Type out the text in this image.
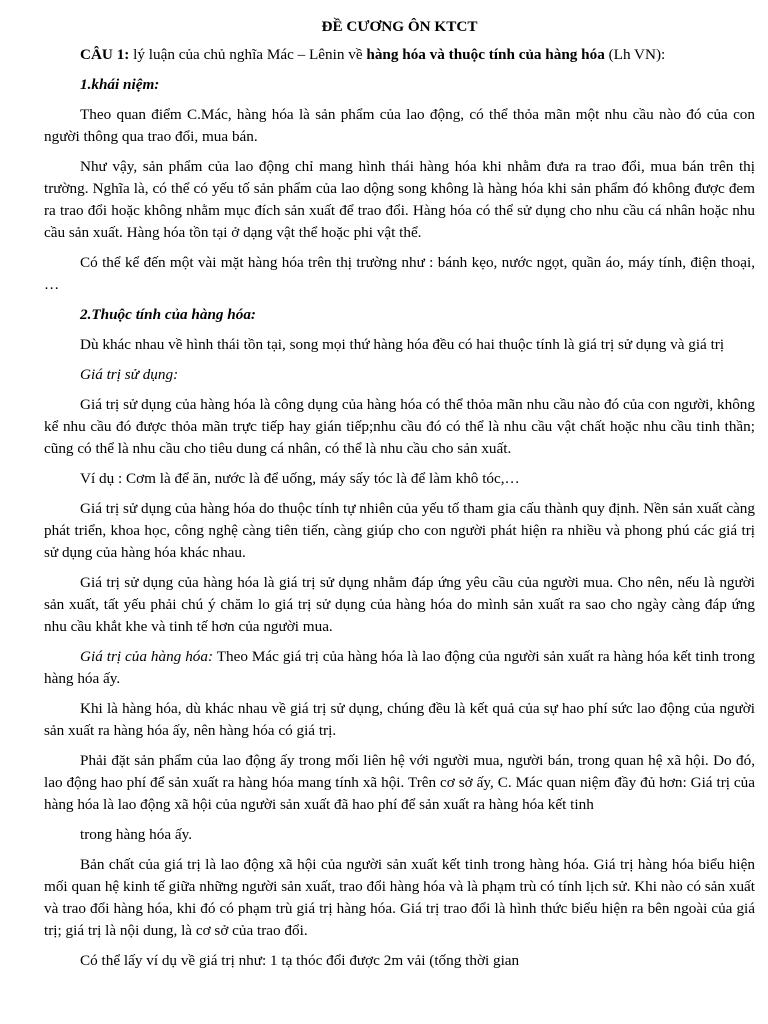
ĐỀ CƯƠNG ÔN KTCT

CÂU 1: lý luận của chủ nghĩa Mác – Lênin về hàng hóa và thuộc tính của hàng hóa (Lh VN):

1.khái niệm:

Theo quan điểm C.Mác, hàng hóa là sản phẩm của lao động, có thể thỏa mãn một nhu cầu nào đó của con người thông qua trao đổi, mua bán.

Như vậy, sản phẩm của lao động chỉ mang hình thái hàng hóa khi nhằm đưa ra trao đổi, mua bán trên thị trường. Nghĩa là, có thể có yếu tố sản phẩm của lao dộng song không là hàng hóa khi sản phẩm đó không được đem ra trao đổi hoặc không nhằm mục đích sản xuất để trao đổi. Hàng hóa có thể sử dụng cho nhu cầu cá nhân hoặc nhu cầu sản xuất. Hàng hóa tồn tại ở dạng vật thể hoặc phi vật thể.

Có thể kể đến một vài mặt hàng hóa trên thị trường như : bánh kẹo, nước ngọt, quần áo, máy tính, điện thoại, …

2.Thuộc tính của hàng hóa:

Dù khác nhau về hình thái tồn tại, song mọi thứ hàng hóa đều có hai thuộc tính là giá trị sử dụng và giá trị

Giá trị sử dụng:

Giá trị sử dụng của hàng hóa là công dụng của hàng hóa có thể thỏa mãn nhu cầu nào đó của con người, không kể nhu cầu đó được thỏa mãn trực tiếp hay gián tiếp;nhu cầu đó có thể là nhu cầu vật chất hoặc nhu cầu tinh thần; cũng có thể là nhu cầu cho tiêu dung cá nhân, có thể là nhu cầu cho sản xuất.

Ví dụ : Cơm là để ăn, nước là để uống, máy sấy tóc là để làm khô tóc,…

Giá trị sử dụng của hàng hóa do thuộc tính tự nhiên của yếu tố tham gia cấu thành quy định. Nền sản xuất càng phát triển, khoa học, công nghệ càng tiên tiến, càng giúp cho con người phát hiện ra nhiều và phong phú các giá trị sử dụng của hàng hóa khác nhau.

Giá trị sử dụng của hàng hóa là giá trị sử dụng nhằm đáp ứng yêu cầu của người mua. Cho nên, nếu là người sản xuất, tất yếu phải chú ý chăm lo giá trị sử dụng của hàng hóa do mình sản xuất ra sao cho ngày càng đáp ứng nhu cầu khắt khe và tinh tế hơn của người mua.

Giá trị của hàng hóa: Theo Mác giá trị của hàng hóa là lao động của người sản xuất ra hàng hóa kết tinh trong hàng hóa ấy.

Khi là hàng hóa, dù khác nhau về giá trị sử dụng, chúng đều là kết quả của sự hao phí sức lao động của người sản xuất ra hàng hóa ấy, nên hàng hóa có giá trị.

Phải đặt sản phẩm của lao động ấy trong mối liên hệ với người mua, người bán, trong quan hệ xã hội. Do đó, lao động hao phí để sản xuất ra hàng hóa mang tính xã hội. Trên cơ sở ấy, C. Mác quan niệm đầy đủ hơn: Giá trị của hàng hóa là lao động xã hội của người sản xuất đã hao phí để sản xuất ra hàng hóa kết tinh

trong hàng hóa ấy.

Bản chất của giá trị là lao động xã hội của người sản xuất kết tinh trong hàng hóa. Giá trị hàng hóa biểu hiện mối quan hệ kinh tế giữa những người sản xuất, trao đổi hàng hóa và là phạm trù có tính lịch sử. Khi nào có sản xuất và trao đổi hàng hóa, khi đó có phạm trù giá trị hàng hóa. Giá trị trao đổi là hình thức biểu hiện ra bên ngoài của giá trị; giá trị là nội dung, là cơ sở của trao đổi.

Có thể lấy ví dụ về giá trị như: 1 tạ thóc đổi được 2m vải (tống thời gian
